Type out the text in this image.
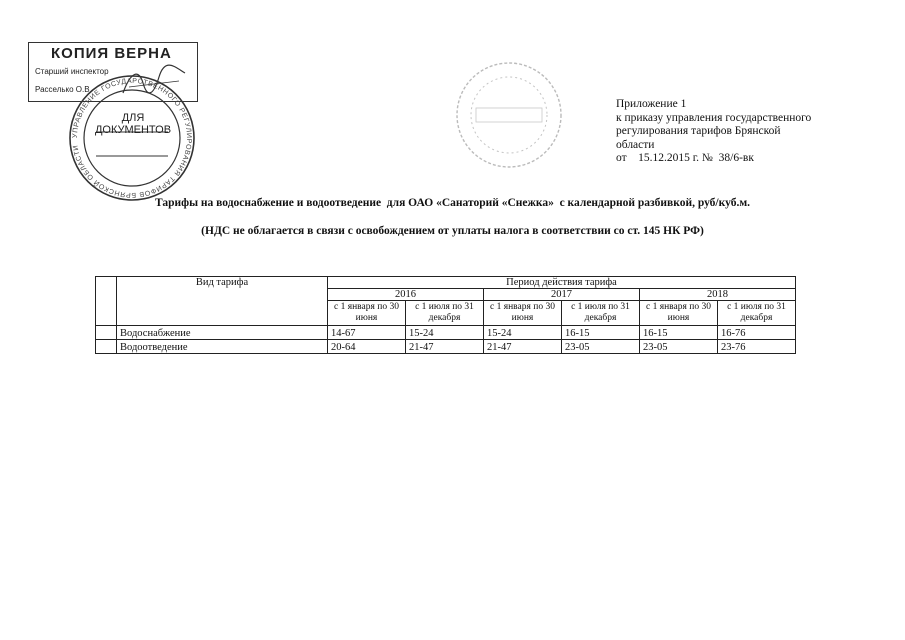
КОПИЯ ВЕРНА
Старший инспектор
Расселько О.В.
УПРАВЛЕНИЕ ГОСУДАРСТВЕННОГО РЕГУЛИРОВАНИЯ ТАРИФОВ БРЯНСКОЙ ОБЛАСТИ
ДЛЯ
ДОКУМЕНТОВ
Приложение 1
к приказу управления государственного
регулирования тарифов Брянской
области
от    15.12.2015 г. №  38/6-вк
Тарифы на водоснабжение и водоотведение  для ОАО «Санаторий «Снежка»  с календарной разбивкой, руб/куб.м.
(НДС не облагается в связи с освобождением от уплаты налога в соответствии со ст. 145 НК РФ)
	Вид тарифа	Период действия тарифа					
		2016		2017		2018	
		с 1 января по 30 июня	с 1 июля по 31 декабря	с 1 января по 30 июня	с 1 июля по 31 декабря	с 1 января по 30 июня	с 1 июля по 31 декабря
	Водоснабжение	14-67	15-24	15-24	16-15	16-15	16-76
	Водоотведение	20-64	21-47	21-47	23-05	23-05	23-76
